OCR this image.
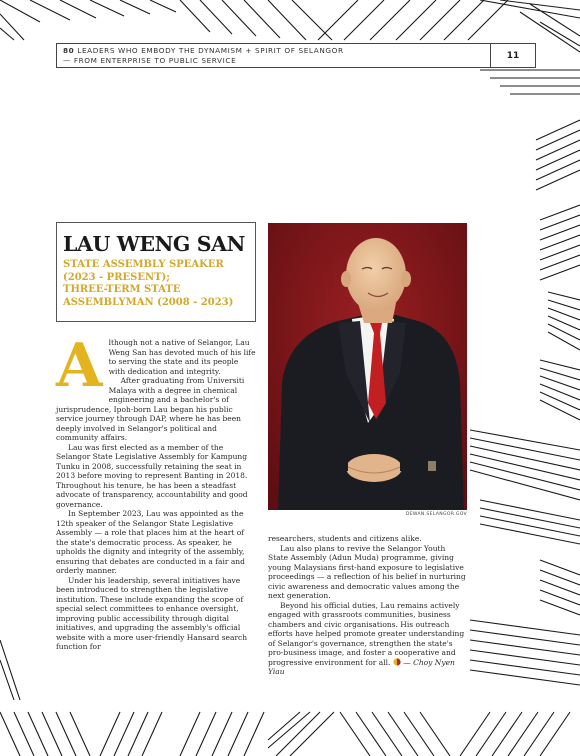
80 LEADERS WHO EMBODY THE DYNAMISM + SPIRIT OF SELANGOR
— FROM ENTERPRISE TO PUBLIC SERVICE	11
LAU WENG SAN
STATE ASSEMBLY SPEAKER
(2023 - PRESENT);
THREE-TERM STATE
ASSEMBLYMAN (2008 - 2023)
DEWAN.SELANGOR.GOV

Although not a native of Selangor, Lau Weng San has devoted much of his life to serving the state and its people with dedication and integrity.

After graduating from Universiti Malaya with a degree in chemical engineering and a bachelor's of jurisprudence, Ipoh-born Lau began his public service journey through DAP, where he has been deeply involved in Selangor's political and community affairs.

Lau was first elected as a member of the Selangor State Legislative Assembly for Kampung Tunku in 2008, successfully retaining the seat in 2013 before moving to represent Banting in 2018. Throughout his tenure, he has been a steadfast advocate of transparency, accountability and good governance.

In September 2023, Lau was appointed as the 12th speaker of the Selangor State Legislative Assembly — a role that places him at the heart of the state's democratic process. As speaker, he upholds the dignity and integrity of the assembly, ensuring that debates are conducted in a fair and orderly manner.

Under his leadership, several initiatives have been introduced to strengthen the legislative institution. These include expanding the scope of special select committees to enhance oversight, improving public accessibility through digital initiatives, and upgrading the assembly's official website with a more user-friendly Hansard search function for

researchers, students and citizens alike.

Lau also plans to revive the Selangor Youth State Assembly (Adun Muda) programme, giving young Malaysians first-hand exposure to legislative proceedings — a reflection of his belief in nurturing civic awareness and democratic values among the next generation.

Beyond his official duties, Lau remains actively engaged with grassroots communities, business chambers and civic organisations. His outreach efforts have helped promote greater understanding of Selangor's governance, strengthen the state's pro-business image, and foster a cooperative and progressive environment for all. — Choy Nyen Yiau
